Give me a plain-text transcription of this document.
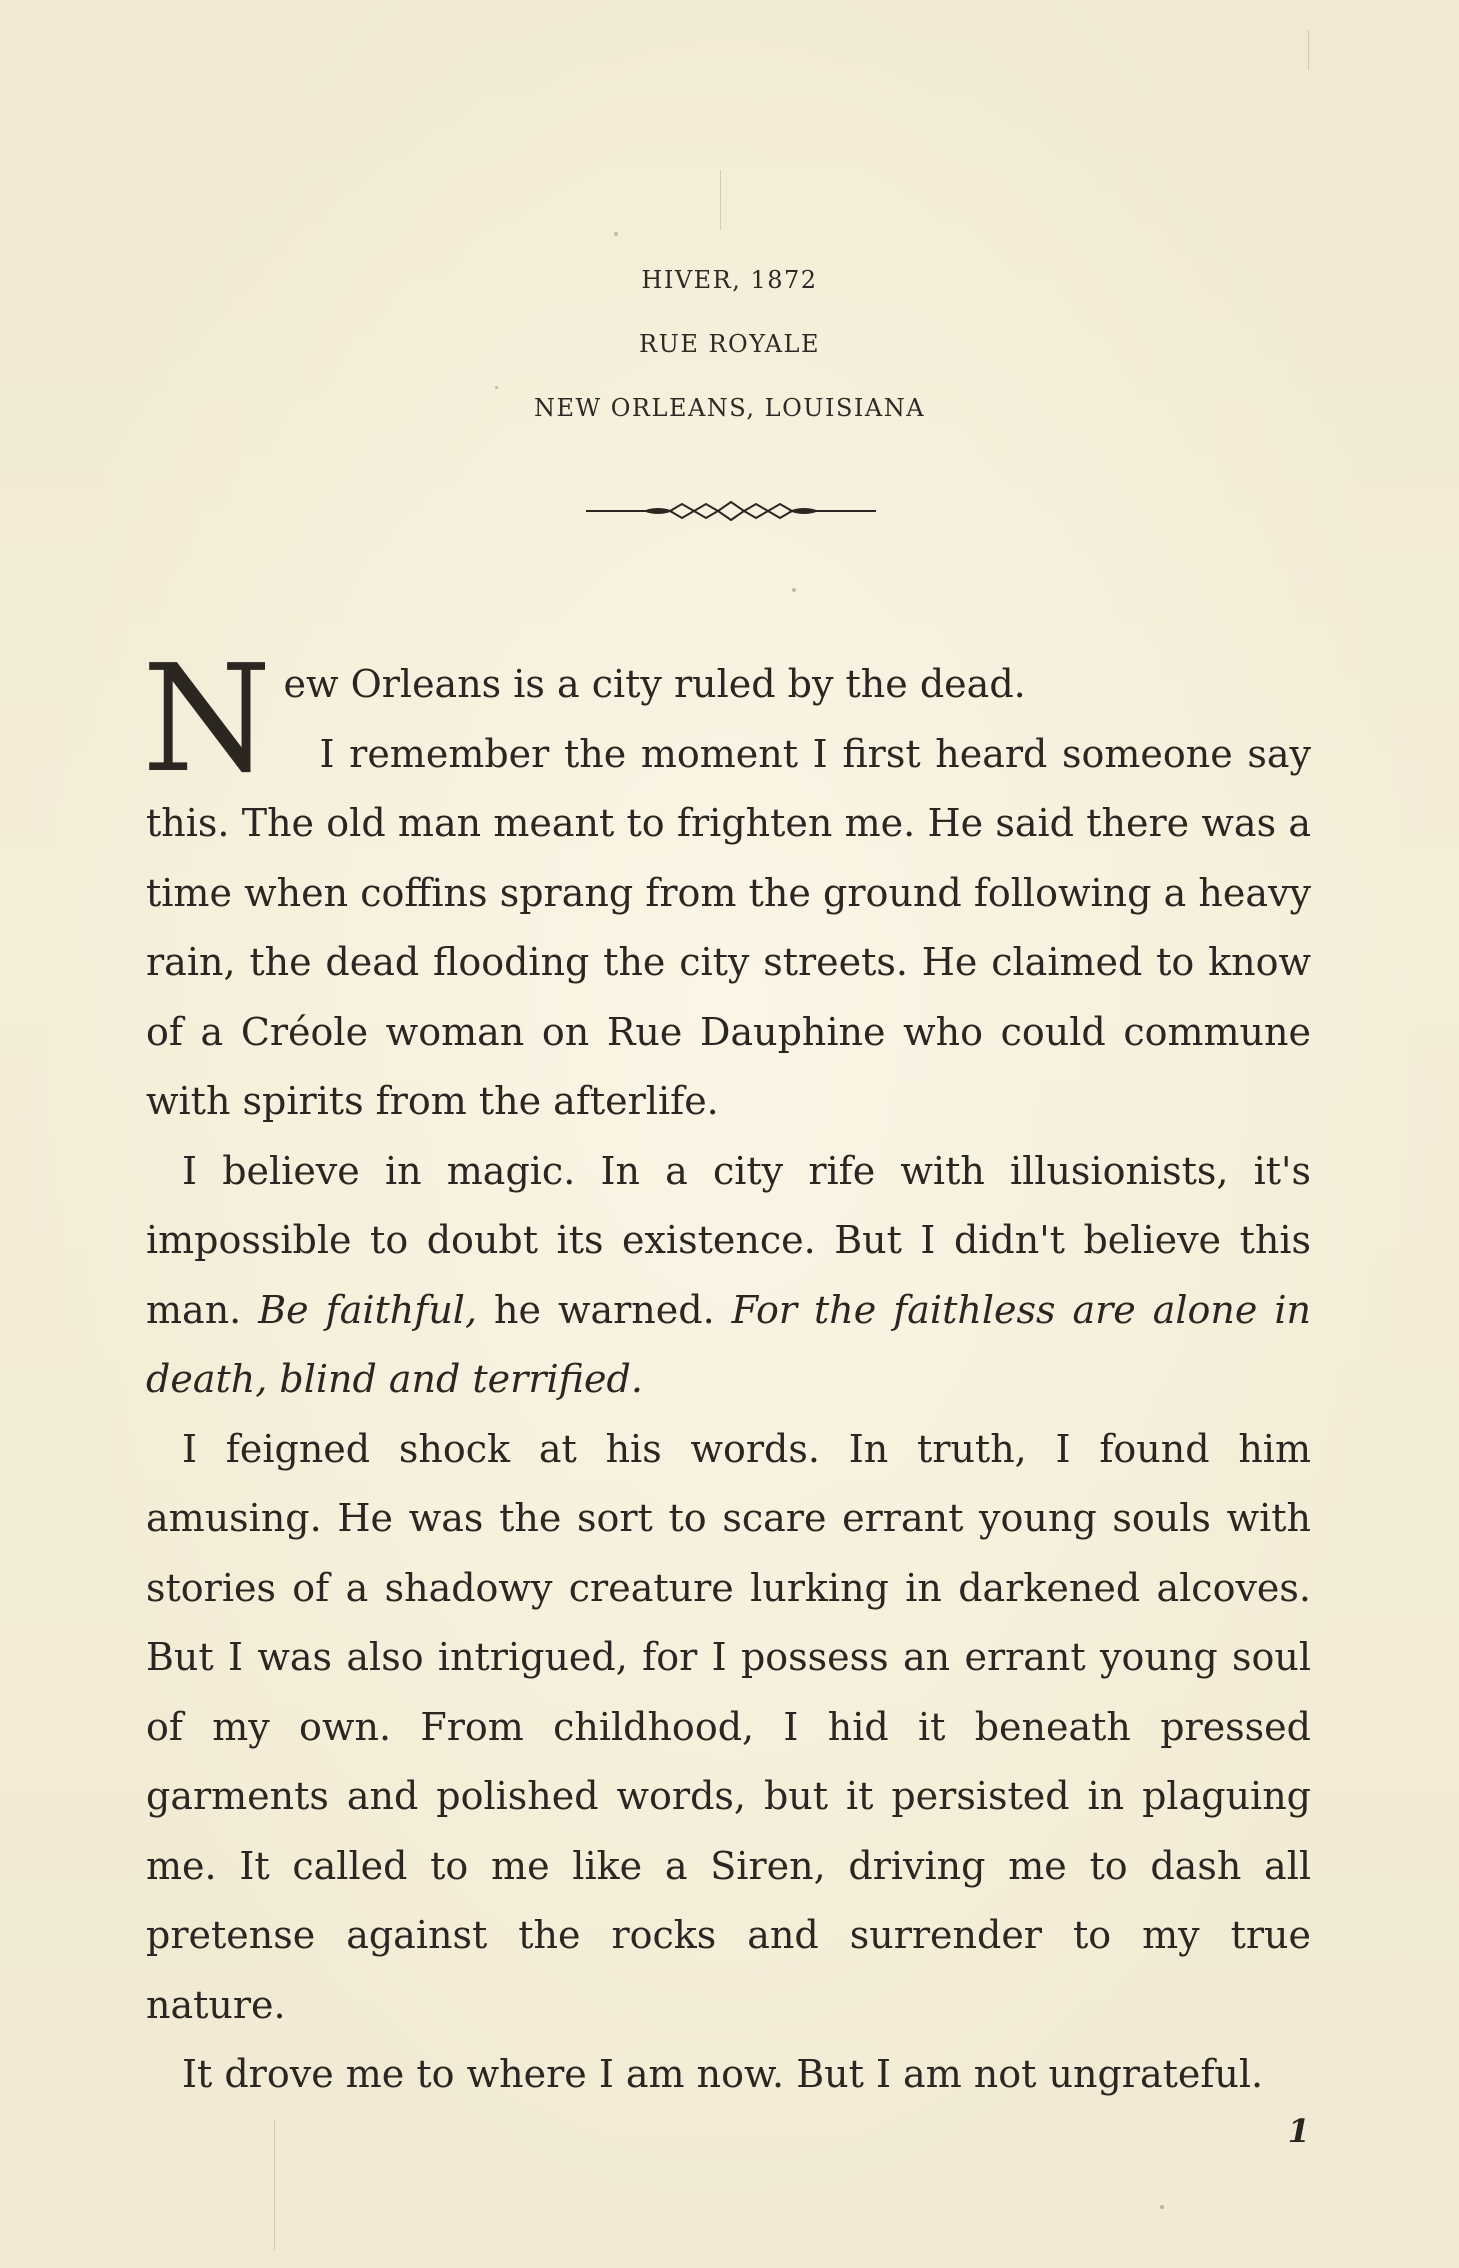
HIVER, 1872
RUE ROYALE
NEW ORLEANS, LOUISIANA

New Orleans is a city ruled by the dead.

I remember the moment I first heard someone say this. The old man meant to frighten me. He said there was a time when coffins sprang from the ground following a heavy rain, the dead flooding the city streets. He claimed to know of a Créole woman on Rue Dauphine who could commune with spirits from the afterlife.

I believe in magic. In a city rife with illusionists, it's impossible to doubt its existence. But I didn't believe this man. Be faithful, he warned. For the faithless are alone in death, blind and terrified.

I feigned shock at his words. In truth, I found him amusing. He was the sort to scare errant young souls with stories of a shadowy creature lurking in darkened alcoves. But I was also intrigued, for I possess an errant young soul of my own. From childhood, I hid it beneath pressed garments and polished words, but it persisted in plaguing me. It called to me like a Siren, driving me to dash all pretense against the rocks and surrender to my true nature.

It drove me to where I am now. But I am not ungrateful.

1
